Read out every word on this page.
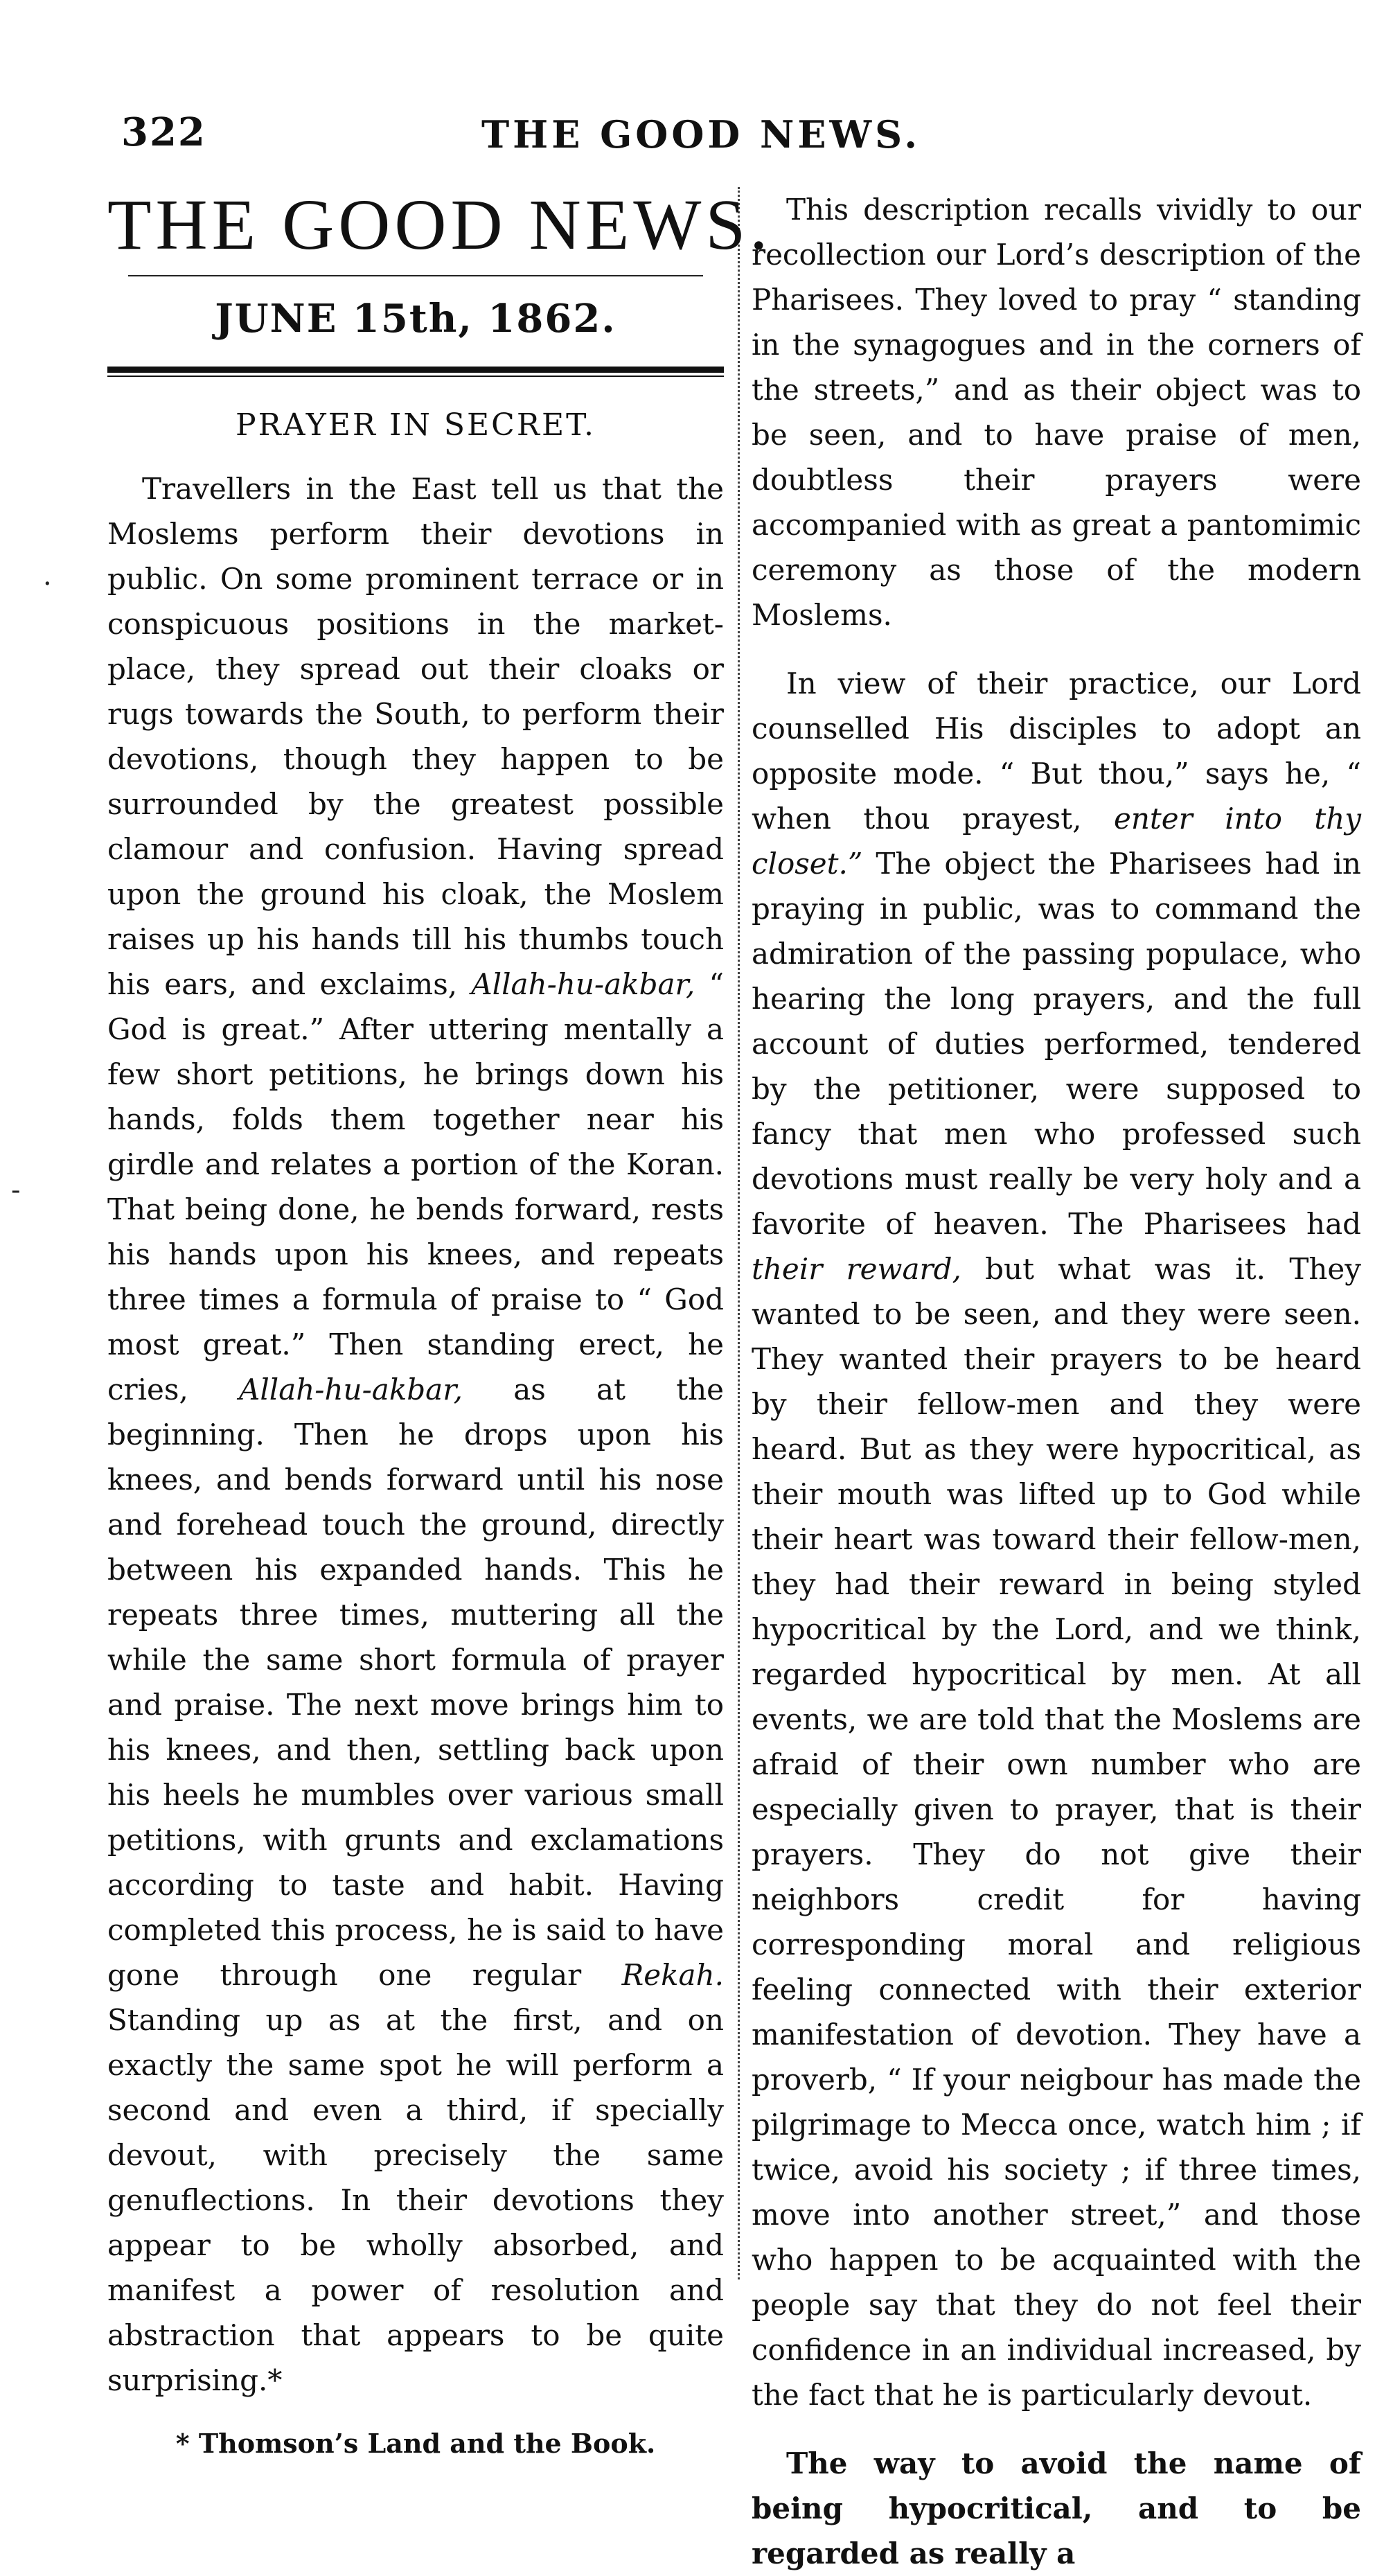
322	THE GOOD NEWS.
·
-
THE GOOD NEWS.
JUNE 15th, 1862.
PRAYER IN SECRET.

Travellers in the East tell us that the Moslems perform their devotions in public. On some prominent terrace or in conspicuous positions in the market-place, they spread out their cloaks or rugs towards the South, to perform their devotions, though they happen to be surrounded by the greatest possible clamour and confusion. Having spread upon the ground his cloak, the Moslem raises up his hands till his thumbs touch his ears, and exclaims, Allah-hu-akbar, “ God is great.” After uttering mentally a few short petitions, he brings down his hands, folds them together near his girdle and relates a portion of the Koran. That being done, he bends forward, rests his hands upon his knees, and repeats three times a formula of praise to “ God most great.” Then standing erect, he cries, Allah-hu-akbar, as at the beginning. Then he drops upon his knees, and bends forward until his nose and forehead touch the ground, directly between his expanded hands. This he repeats three times, muttering all the while the same short formula of prayer and praise. The next move brings him to his knees, and then, settling back upon his heels he mumbles over various small petitions, with grunts and exclamations according to taste and habit. Having completed this process, he is said to have gone through one regular Rekah. Standing up as at the first, and on exactly the same spot he will perform a second and even a third, if specially devout, with precisely the same genuflections. In their devotions they appear to be wholly absorbed, and manifest a power of resolution and abstraction that appears to be quite surprising.*

* Thomson’s Land and the Book.

This description recalls vividly to our recollection our Lord’s description of the Pharisees. They loved to pray “ standing in the synagogues and in the corners of the streets,” and as their object was to be seen, and to have praise of men, doubtless their prayers were accompanied with as great a pantomimic ceremony as those of the modern Moslems.

In view of their practice, our Lord counselled His disciples to adopt an opposite mode. “ But thou,” says he, “ when thou prayest, enter into thy closet.” The object the Pharisees had in praying in public, was to command the admiration of the passing populace, who hearing the long prayers, and the full account of duties performed, tendered by the petitioner, were supposed to fancy that men who professed such devotions must really be very holy and a favorite of heaven. The Pharisees had their reward, but what was it. They wanted to be seen, and they were seen. They wanted their prayers to be heard by their fellow-men and they were heard. But as they were hypocritical, as their mouth was lifted up to God while their heart was toward their fellow-men, they had their reward in being styled hypocritical by the Lord, and we think, regarded hypocritical by men. At all events, we are told that the Moslems are afraid of their own number who are especially given to prayer, that is their prayers. They do not give their neighbors credit for having corresponding moral and religious feeling connected with their exterior manifestation of devotion. They have a proverb, “ If your neigbour has made the pilgrimage to Mecca once, watch him ; if twice, avoid his society ; if three times, move into another street,” and those who happen to be acquainted with the people say that they do not feel their confidence in an individual increased, by the fact that he is particularly devout.

The way to avoid the name of being hypocritical, and to be regarded as really a
